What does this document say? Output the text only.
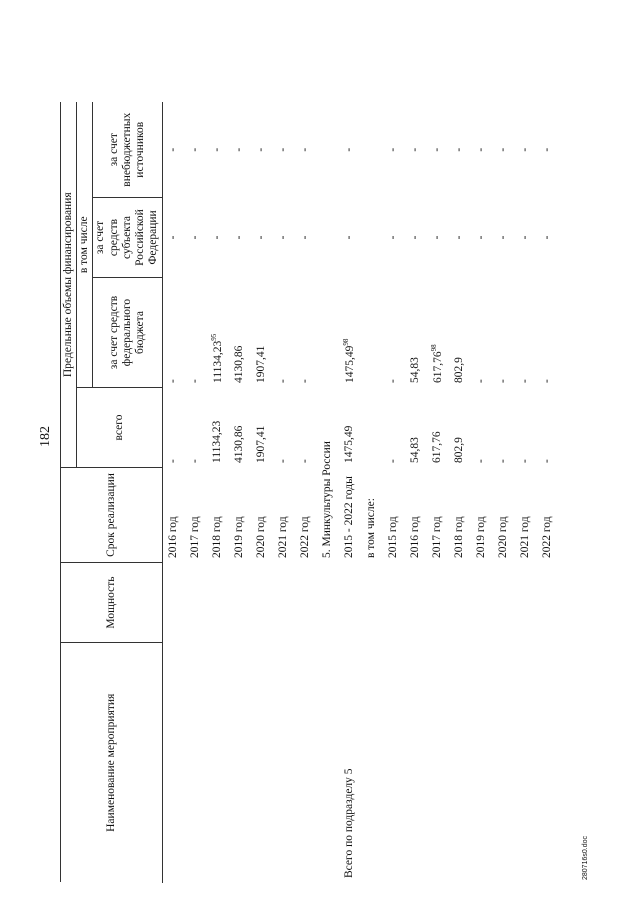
182
Наименование мероприятия	Мощность	Срок реализации	Предельные объемы финансирования			
			всего	в том числе		
				за счет средств федерального бюджета	за счет средств субъекта Российской Федерации	за счет внебюджетных источников
		2016 год	-	-	-	-
		2017 год	-	-	-	-
		2018 год	11134,23	11134,23$^{95}$	-	-
		2019 год	4130,86	4130,86	-	-
		2020 год	1907,41	1907,41	-	-
		2021 год	-	-	-	-
		2022 год	-	-	-	-
		5. Минкультуры России				
Всего по подразделу 5		2015 - 2022 годы	1475,49	1475,49$^{98}$	-	-
		в том числе:				
		2015 год	-	-	-	-
		2016 год	54,83	54,83	-	-
		2017 год	617,76	617,76$^{98}$	-	-
		2018 год	802,9	802,9	-	-
		2019 год	-	-	-	-
		2020 год	-	-	-	-
		2021 год	-	-	-	-
		2022 год	-	-	-	-
280716s0.doc
